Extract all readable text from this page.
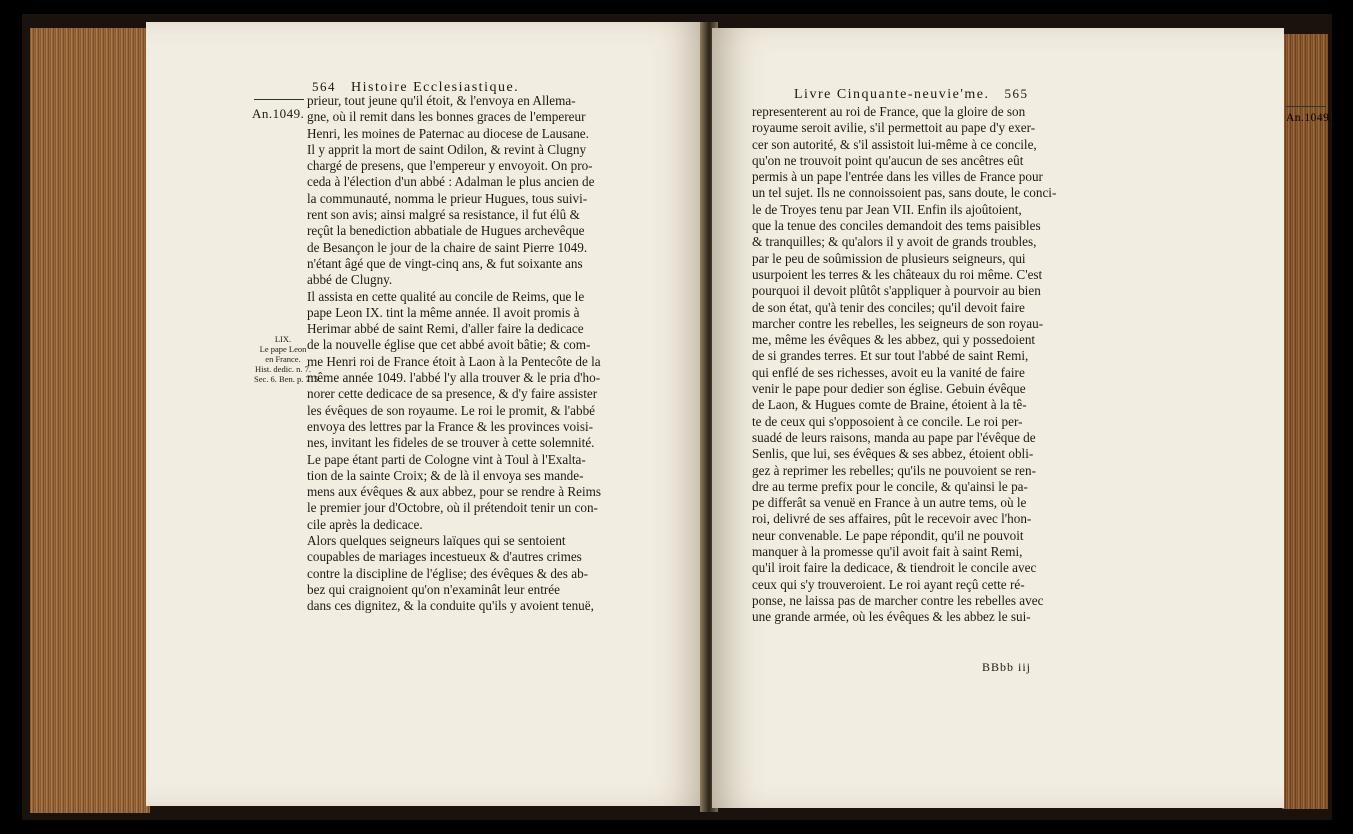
An.1049.
564 Histoire Ecclesiastique.
LIX.
Le pape Leon
en France.
Hist. dedic. n. 7.
Sec. 6. Ben. p. 715
prieur, tout jeune qu'il étoit, & l'envoya en Allema-
gne, où il remit dans les bonnes graces de l'empereur
Henri, les moines de Paternac au diocese de Lausane.
Il y apprit la mort de saint Odilon, & revint à Clugny
chargé de presens, que l'empereur y envoyoit. On pro-
ceda à l'élection d'un abbé : Adalman le plus ancien de
la communauté, nomma le prieur Hugues, tous suivi-
rent son avis; ainsi malgré sa resistance, il fut élû &
reçût la benediction abbatiale de Hugues archevêque
de Besançon le jour de la chaire de saint Pierre 1049.
n'étant âgé que de vingt-cinq ans, & fut soixante ans
abbé de Clugny.
Il assista en cette qualité au concile de Reims, que le
pape Leon IX. tint la même année. Il avoit promis à
Herimar abbé de saint Remi, d'aller faire la dedicace
de la nouvelle église que cet abbé avoit bâtie; & com-
me Henri roi de France étoit à Laon à la Pentecôte de la
même année 1049. l'abbé l'y alla trouver & le pria d'ho-
norer cette dedicace de sa presence, & d'y faire assister
les évêques de son royaume. Le roi le promit, & l'abbé
envoya des lettres par la France & les provinces voisi-
nes, invitant les fideles de se trouver à cette solemnité.
Le pape étant parti de Cologne vint à Toul à l'Exalta-
tion de la sainte Croix; & de là il envoya ses mande-
mens aux évêques & aux abbez, pour se rendre à Reims
le premier jour d'Octobre, où il prétendoit tenir un con-
cile après la dedicace.
Alors quelques seigneurs laïques qui se sentoient
coupables de mariages incestueux & d'autres crimes
contre la discipline de l'église; des évêques & des ab-
bez qui craignoient qu'on n'examinât leur entrée
dans ces dignitez, & la conduite qu'ils y avoient tenuë,
Livre Cinquante-neuvie'me. 565
representerent au roi de France, que la gloire de son
royaume seroit avilie, s'il permettoit au pape d'y exer-
cer son autorité, & s'il assistoit lui-même à ce concile,
qu'on ne trouvoit point qu'aucun de ses ancêtres eût
permis à un pape l'entrée dans les villes de France pour
un tel sujet. Ils ne connoissoient pas, sans doute, le conci-
le de Troyes tenu par Jean VII. Enfin ils ajoûtoient,
que la tenue des conciles demandoit des tems paisibles
& tranquilles; & qu'alors il y avoit de grands troubles,
par le peu de soûmission de plusieurs seigneurs, qui
usurpoient les terres & les châteaux du roi même. C'est
pourquoi il devoit plûtôt s'appliquer à pourvoir au bien
de son état, qu'à tenir des conciles; qu'il devoit faire
marcher contre les rebelles, les seigneurs de son royau-
me, même les évêques & les abbez, qui y possedoient
de si grandes terres. Et sur tout l'abbé de saint Remi,
qui enflé de ses richesses, avoit eu la vanité de faire
venir le pape pour dedier son église. Gebuin évêque
de Laon, & Hugues comte de Braine, étoient à la tê-
te de ceux qui s'opposoient à ce concile. Le roi per-
suadé de leurs raisons, manda au pape par l'évêque de
Senlis, que lui, ses évêques & ses abbez, étoient obli-
gez à reprimer les rebelles; qu'ils ne pouvoient se ren-
dre au terme prefix pour le concile, & qu'ainsi le pa-
pe differât sa venuë en France à un autre tems, où le
roi, delivré de ses affaires, pût le recevoir avec l'hon-
neur convenable. Le pape répondit, qu'il ne pouvoit
manquer à la promesse qu'il avoit fait à saint Remi,
qu'il iroit faire la dedicace, & tiendroit le concile avec
ceux qui s'y trouveroient. Le roi ayant reçû cette ré-
ponse, ne laissa pas de marcher contre les rebelles avec
une grande armée, où les évêques & les abbez le sui-
BBbb iij
An.1049.
